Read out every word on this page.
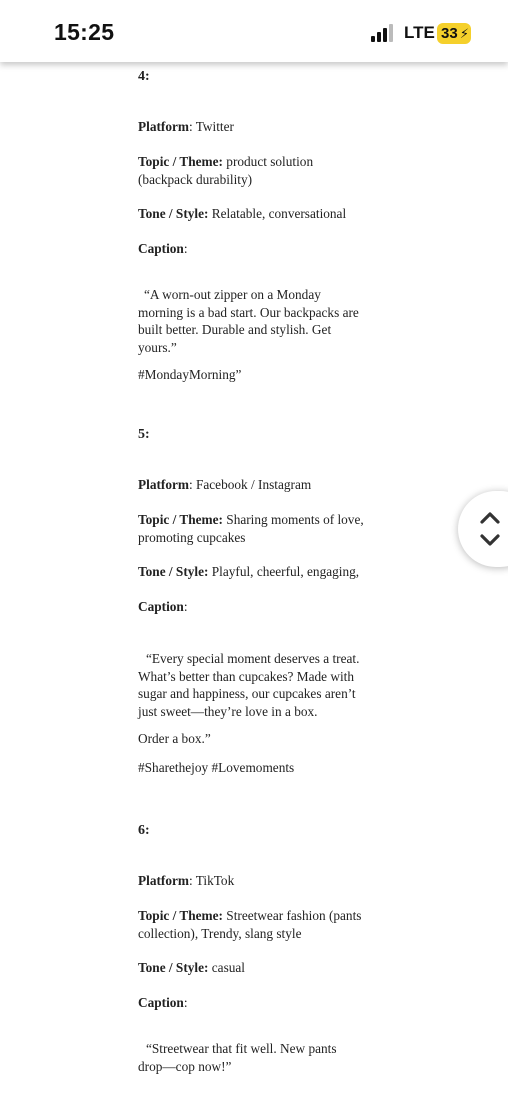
15:25	LTE 33 ⚡
4:
Platform: Twitter
Topic / Theme: product solution
(backpack durability)
Tone / Style: Relatable, conversational
Caption:
“A worn-out zipper on a Monday
morning is a bad start. Our backpacks are
built better. Durable and stylish. Get
yours.”
#MondayMorning”
5:
Platform: Facebook / Instagram
Topic / Theme: Sharing moments of love,
promoting cupcakes
Tone / Style: Playful, cheerful, engaging,
Caption:
“Every special moment deserves a treat.
What’s better than cupcakes? Made with
sugar and happiness, our cupcakes aren’t
just sweet—they’re love in a box.
Order a box.”
#Sharethejoy #Lovemoments
6:
Platform: TikTok
Topic / Theme: Streetwear fashion (pants
collection), Trendy, slang style
Tone / Style: casual
Caption:
“Streetwear that fit well. New pants
drop—cop now!”
